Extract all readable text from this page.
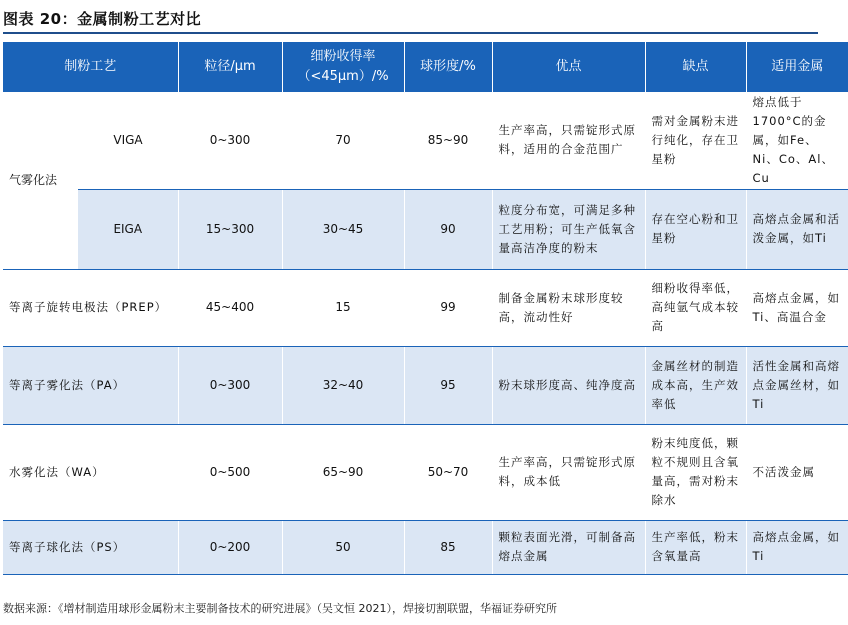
图表 20：金属制粉工艺对比
制粉工艺		粒径/μm	细粉收得率（<45μm）/%	球形度/%	优点	缺点	适用金属
气雾化法	VIGA	0~300	70	85~90	生产率高，只需锭形式原料，适用的合金范围广	需对金属粉末进行纯化，存在卫星粉	熔点低于1700°C的金属，如Fe、Ni、Co、Al、Cu
	EIGA	15~300	30~45	90	粒度分布宽，可满足多种工艺用粉；可生产低氧含量高洁净度的粉末	存在空心粉和卫星粉	高熔点金属和活泼金属，如Ti
等离子旋转电极法（PREP）		45~400	15	99	制备金属粉末球形度较高，流动性好	细粉收得率低，高纯氩气成本较高	高熔点金属，如Ti、高温合金
等离子雾化法（PA）		0~300	32~40	95	粉末球形度高、纯净度高	金属丝材的制造成本高，生产效率低	活性金属和高熔点金属丝材，如Ti
水雾化法（WA）		0~500	65~90	50~70	生产率高，只需锭形式原料，成本低	粉末纯度低，颗粒不规则且含氧量高，需对粉末除水	不活泼金属
等离子球化法（PS）		0~200	50	85	颗粒表面光滑，可制备高熔点金属	生产率低，粉末含氧量高	高熔点金属，如Ti
数据来源：《增材制造用球形金属粉末主要制备技术的研究进展》（吴文恒 2021），焊接切割联盟，华福证券研究所
